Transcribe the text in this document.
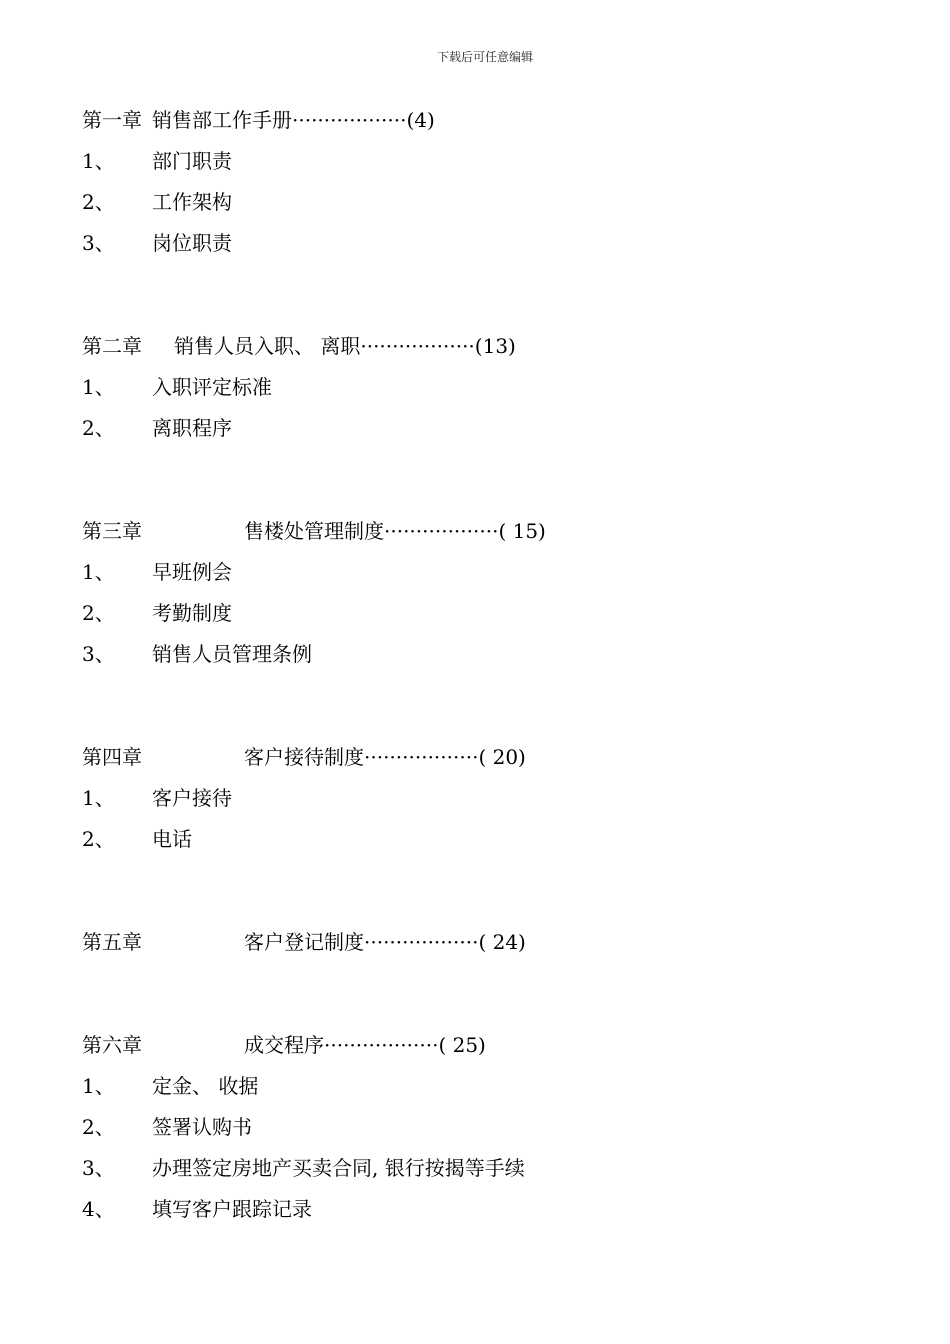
下载后可任意编辑
第一章 销售部工作手册··················(4)
1、 部门职责
2、 工作架构
3、 岗位职责
第二章 销售人员入职、 离职··················(13)
1、 入职评定标准
2、 离职程序
第三章	售楼处管理制度··················( 15)
1、 早班例会
2、 考勤制度
3、 销售人员管理条例
第四章	客户接待制度··················( 20)
1、 客户接待
2、 电话
第五章	客户登记制度··················( 24)
第六章	成交程序··················( 25)
1、 定金、 收据
2、 签署认购书
3、 办理签定房地产买卖合同, 银行按揭等手续
4、 填写客户跟踪记录
